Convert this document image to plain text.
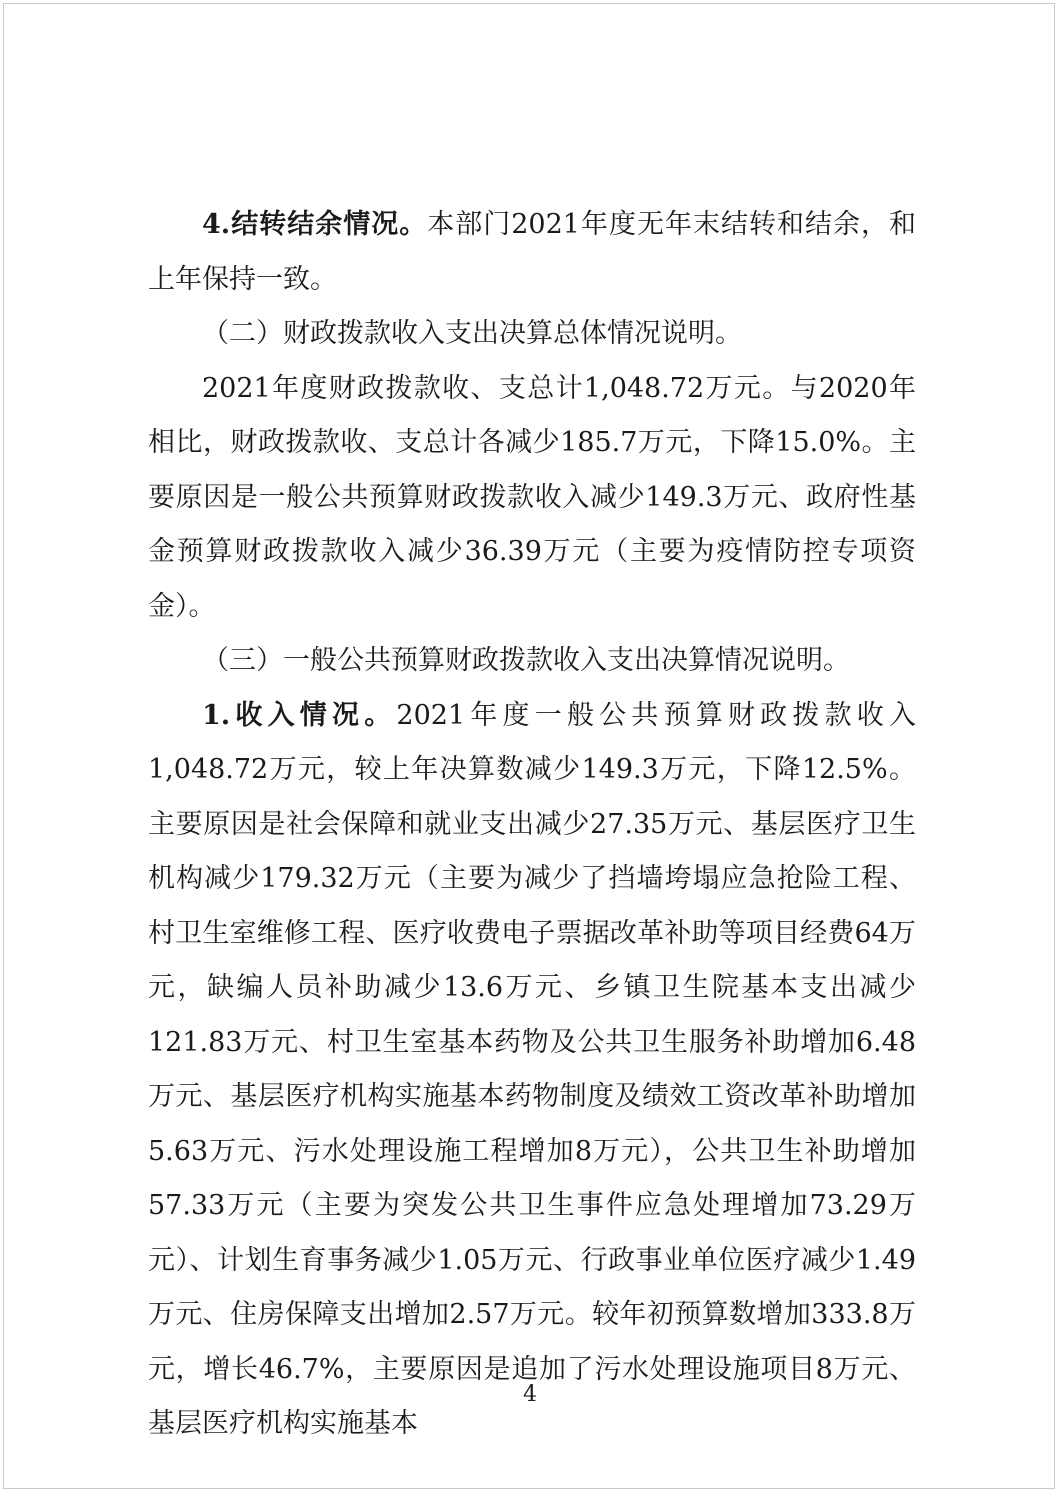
4.结转结余情况。本部门2021年度无年末结转和结余，和上年保持一致。

（二）财政拨款收入支出决算总体情况说明。

2021年度财政拨款收、支总计1,048.72万元。与2020年相比，财政拨款收、支总计各减少185.7万元，下降15.0%。主要原因是一般公共预算财政拨款收入减少149.3万元、政府性基金预算财政拨款收入减少36.39万元（主要为疫情防控专项资金）。

（三）一般公共预算财政拨款收入支出决算情况说明。

1.收入情况。2021年度一般公共预算财政拨款收入1,048.72万元，较上年决算数减少149.3万元，下降12.5%。主要原因是社会保障和就业支出减少27.35万元、基层医疗卫生机构减少179.32万元（主要为减少了挡墙垮塌应急抢险工程、村卫生室维修工程、医疗收费电子票据改革补助等项目经费64万元，缺编人员补助减少13.6万元、乡镇卫生院基本支出减少121.83万元、村卫生室基本药物及公共卫生服务补助增加6.48万元、基层医疗机构实施基本药物制度及绩效工资改革补助增加5.63万元、污水处理设施工程增加8万元），公共卫生补助增加57.33万元（主要为突发公共卫生事件应急处理增加73.29万元）、计划生育事务减少1.05万元、行政事业单位医疗减少1.49万元、住房保障支出增加2.57万元。较年初预算数增加333.8万元，增长46.7%，主要原因是追加了污水处理设施项目8万元、基层医疗机构实施基本

4
